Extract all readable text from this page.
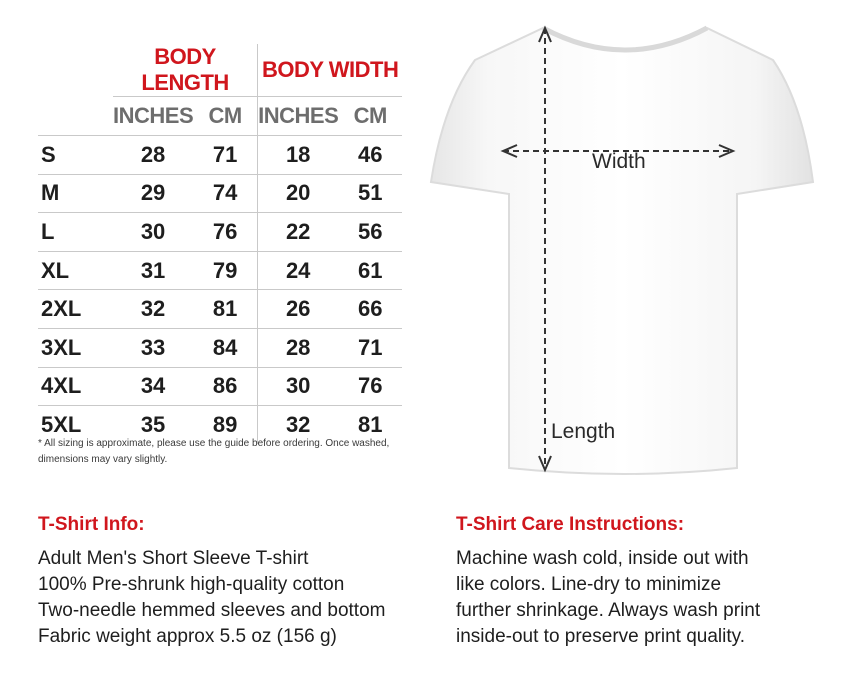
	BODY LENGTH		BODY WIDTH	
	INCHES	CM	INCHES	CM
S	28	71	18	46
M	29	74	20	51
L	30	76	22	56
XL	31	79	24	61
2XL	32	81	26	66
3XL	33	84	28	71
4XL	34	86	30	76
5XL	35	89	32	81
* All sizing is approximate, please use the guide before ordering. Once washed, dimensions may vary slightly.
Width
Length
T-Shirt Info:
Adult Men's Short Sleeve T-shirt
100% Pre-shrunk high-quality cotton
Two-needle hemmed sleeves and bottom
Fabric weight approx 5.5 oz (156 g)
T-Shirt Care Instructions:
Machine wash cold, inside out with
like colors. Line-dry to minimize
further shrinkage. Always wash print
inside-out to preserve print quality.
